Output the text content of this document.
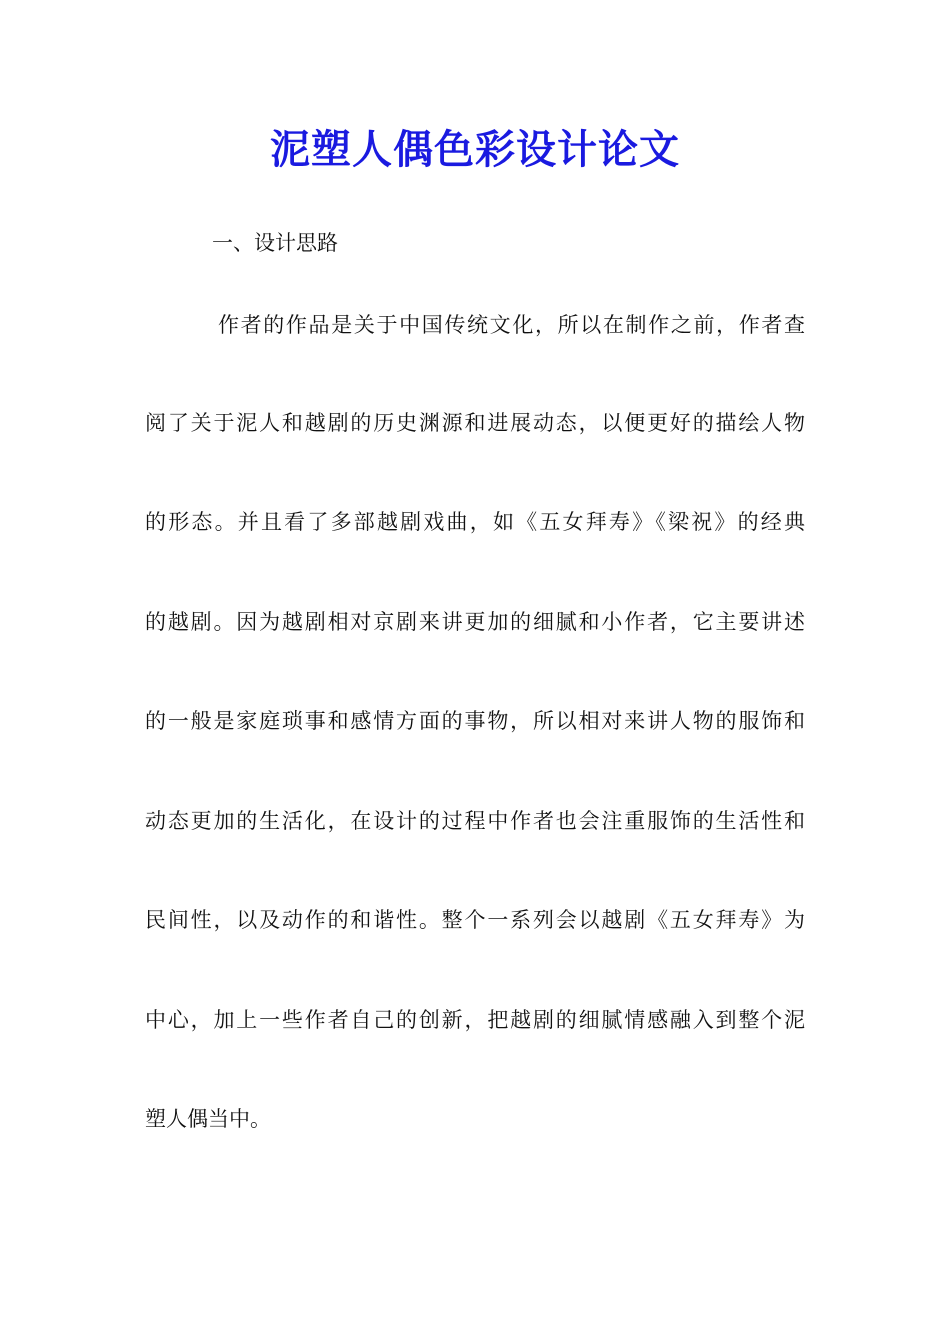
泥塑人偶色彩设计论文
一、设计思路

作者的作品是关于中国传统文化，所以在制作之前，作者查

阅了关于泥人和越剧的历史渊源和进展动态，以便更好的描绘人物

的形态。并且看了多部越剧戏曲，如《五女拜寿》《梁祝》的经典

的越剧。因为越剧相对京剧来讲更加的细腻和小作者，它主要讲述

的一般是家庭琐事和感情方面的事物，所以相对来讲人物的服饰和

动态更加的生活化，在设计的过程中作者也会注重服饰的生活性和

民间性，以及动作的和谐性。整个一系列会以越剧《五女拜寿》为

中心，加上一些作者自己的创新，把越剧的细腻情感融入到整个泥

塑人偶当中。
